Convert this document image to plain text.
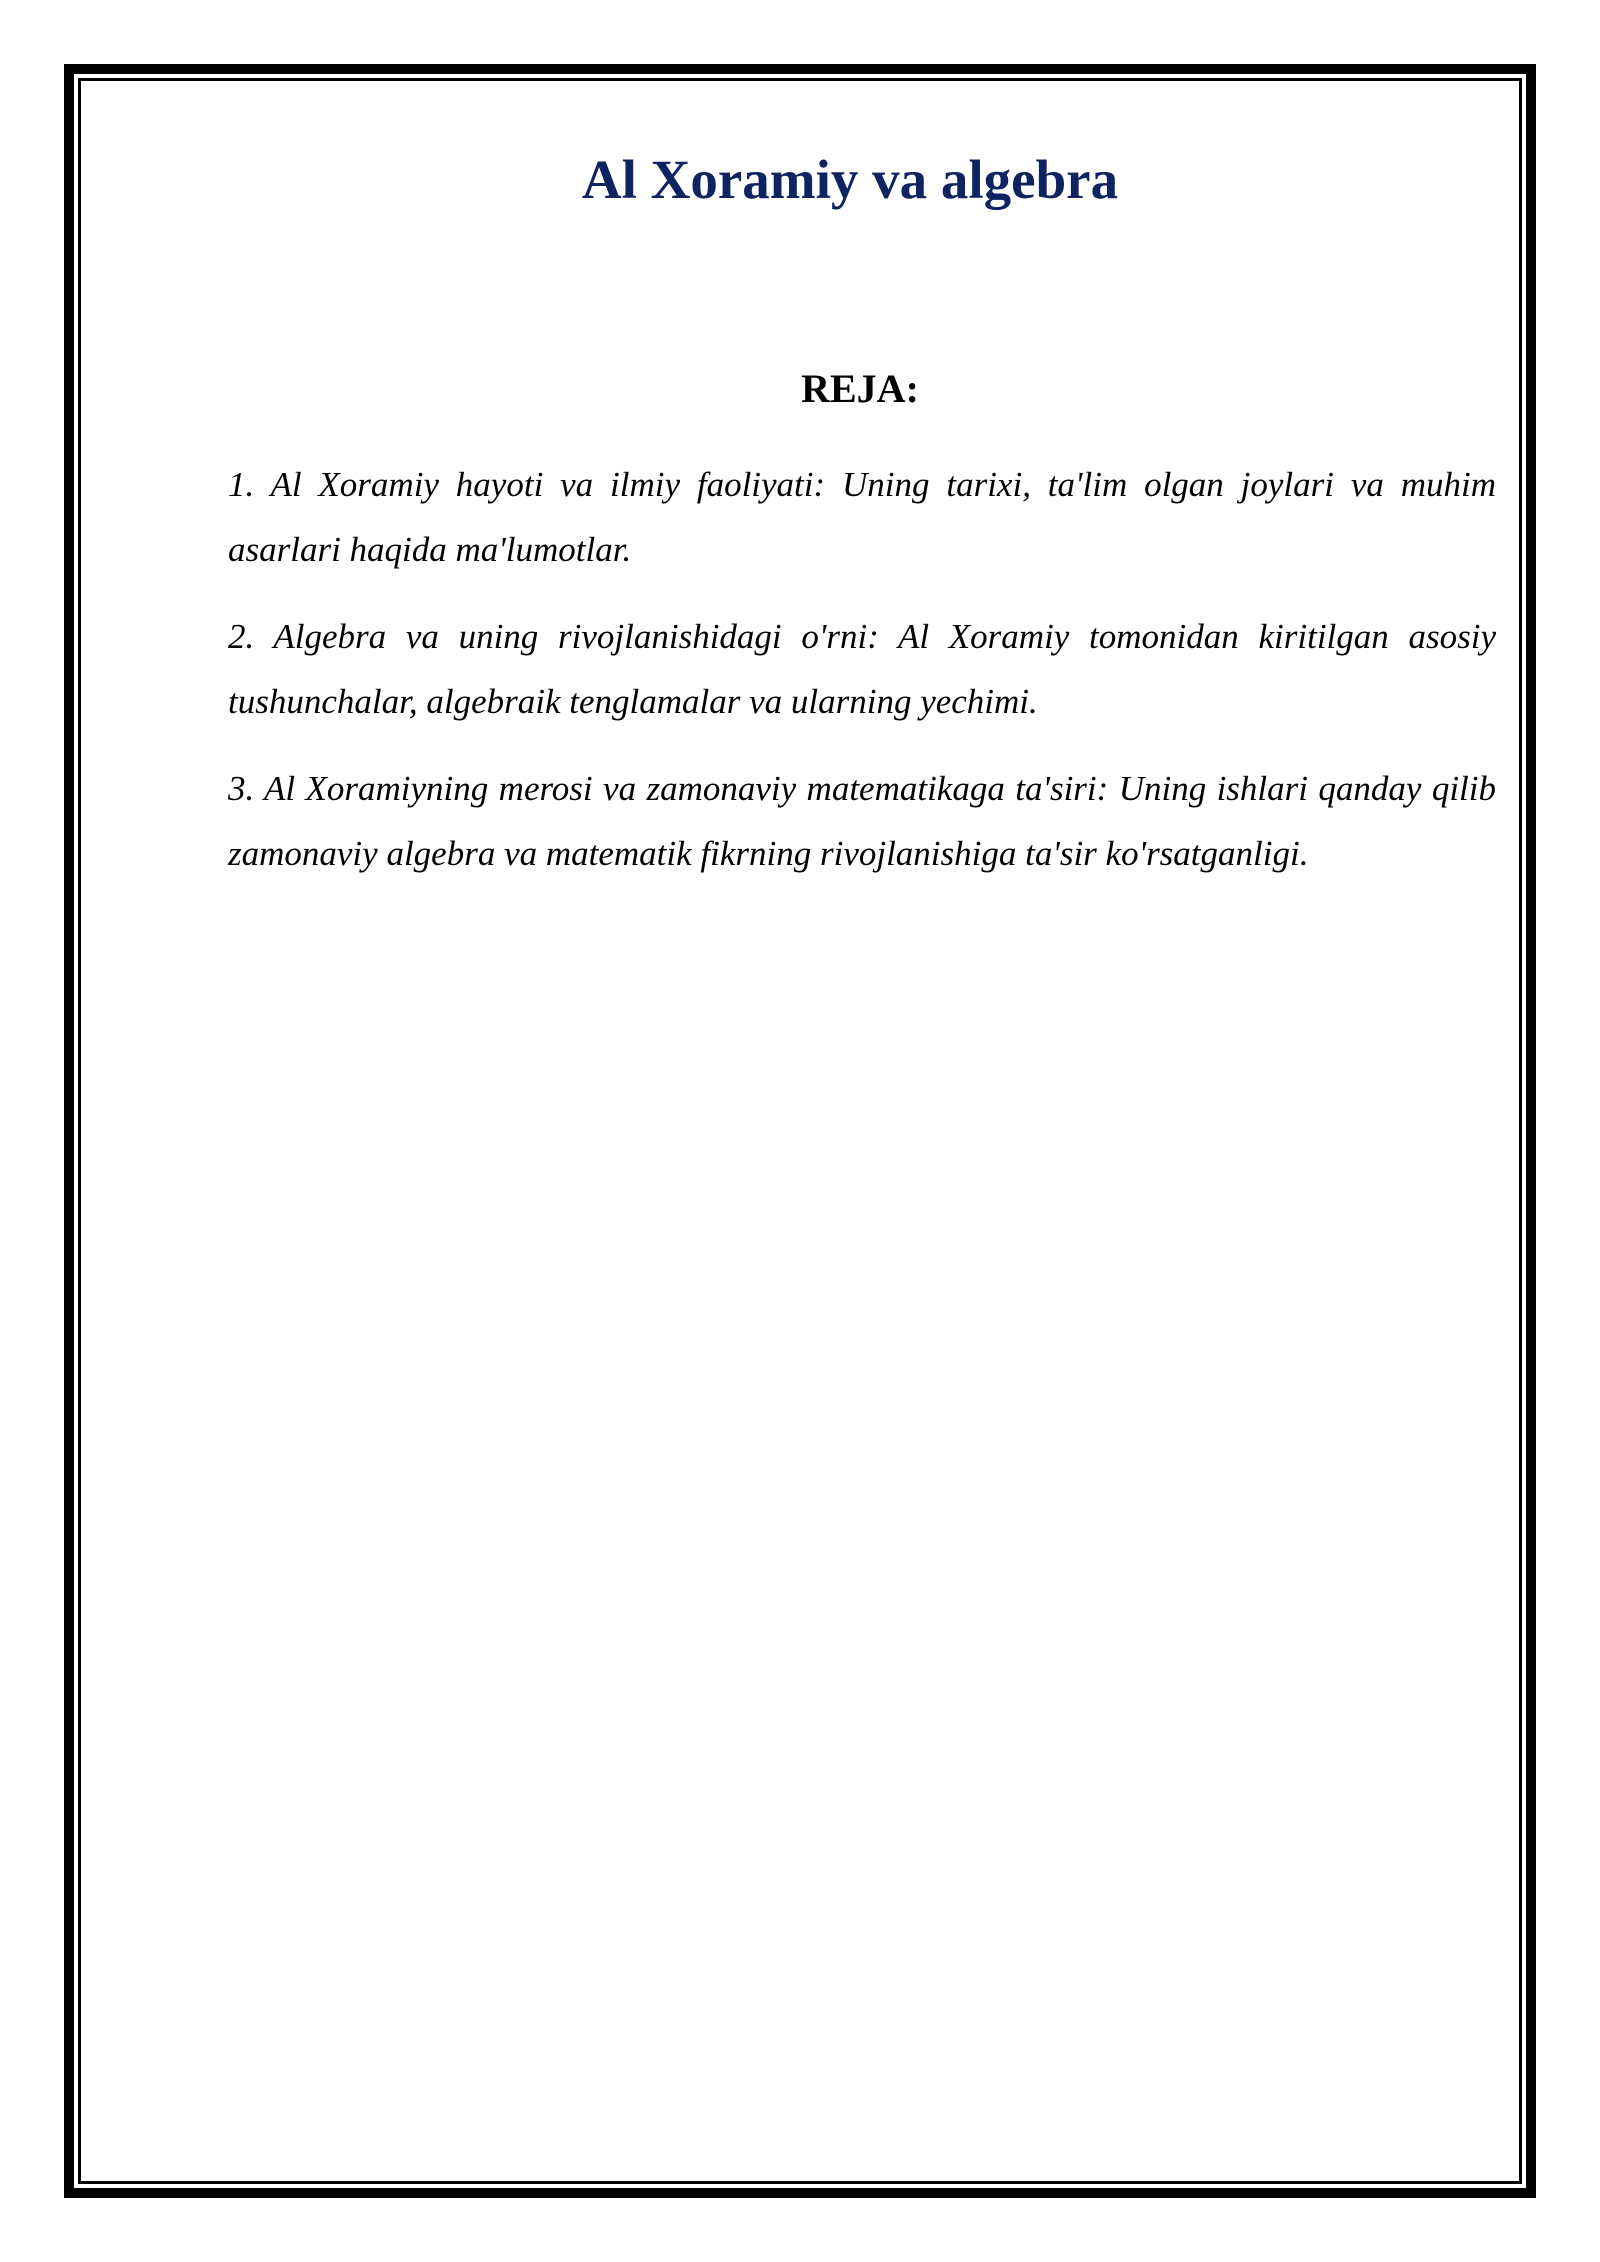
Al Xoramiy va algebra
REJA:
1. Al Xoramiy hayoti va ilmiy faoliyati: Uning tarixi, ta'lim olgan joylari va muhim asarlari haqida ma'lumotlar.
2. Algebra va uning rivojlanishidagi o'rni: Al Xoramiy tomonidan kiritilgan asosiy tushunchalar, algebraik tenglamalar va ularning yechimi.
3. Al Xoramiyning merosi va zamonaviy matematikaga ta'siri: Uning ishlari qanday qilib zamonaviy algebra va matematik fikrning rivojlanishiga ta'sir ko'rsatganligi.
